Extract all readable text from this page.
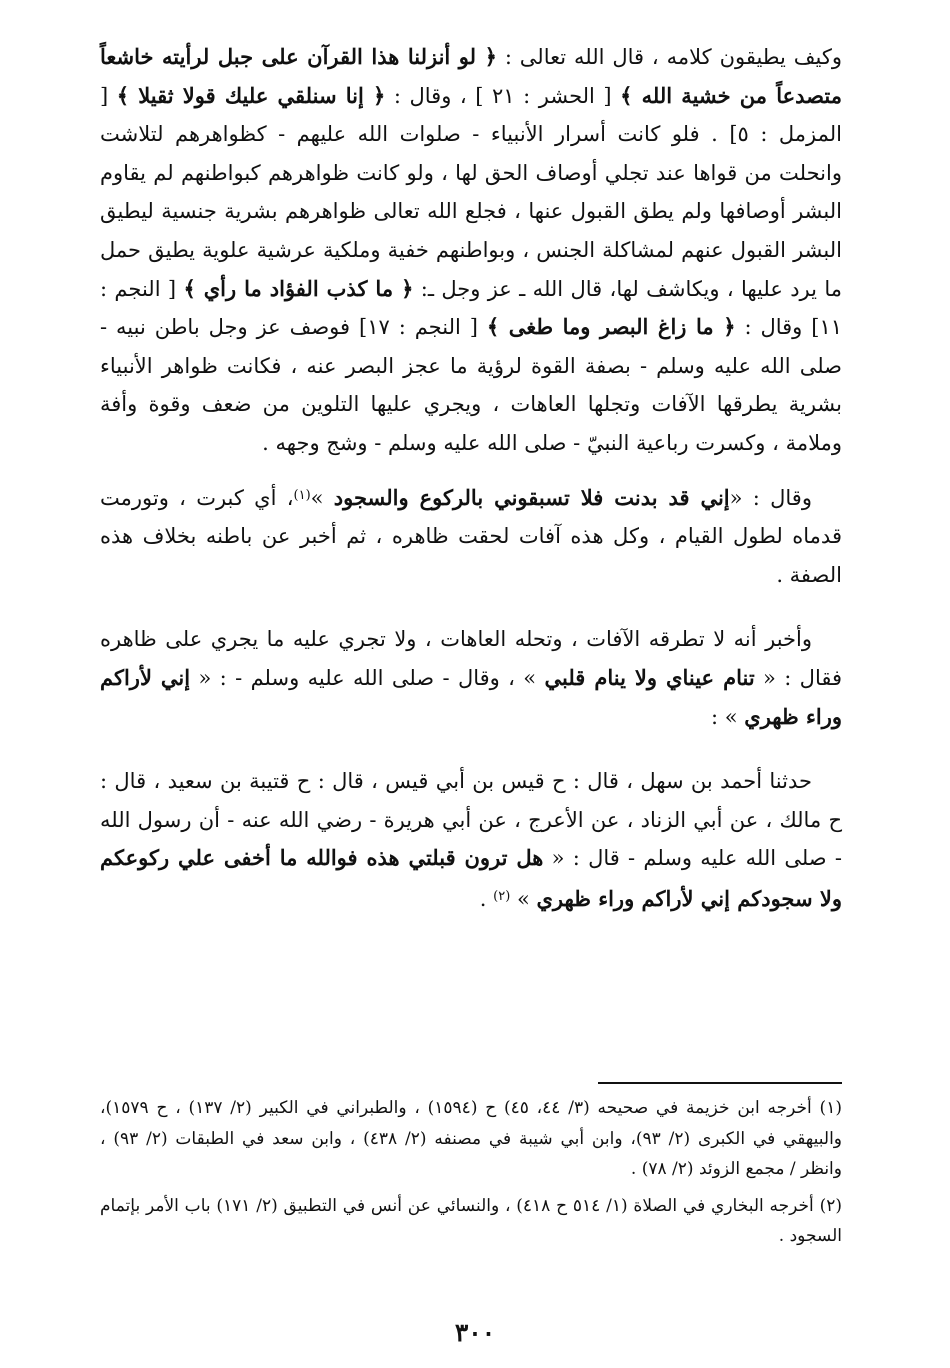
وكيف يطيقون كلامه ، قال الله تعالى : ﴿ لو أنزلنا هذا القرآن على جبل لرأيته خاشعاً متصدعاً من خشية الله ﴾ [ الحشر : ٢١ ] ، وقال : ﴿ إنا سنلقي عليك قولا ثقيلا ﴾ [ المزمل : ٥] . فلو كانت أسرار الأنبياء - صلوات الله عليهم - كظواهرهم لتلاشت وانحلت من قواها عند تجلي أوصاف الحق لها ، ولو كانت ظواهرهم كبواطنهم لم يقاوم البشر أوصافها ولم يطق القبول عنها ، فجلع الله تعالى ظواهرهم بشرية جنسية ليطيق البشر القبول عنهم لمشاكلة الجنس ، وبواطنهم خفية وملكية عرشية علوية يطيق حمل ما يرد عليها ، ويكاشف لها، قال الله ـ عز وجل ـ: ﴿ ما كذب الفؤاد ما رأي ﴾ [ النجم : ١١] وقال : ﴿ ما زاغ البصر وما طغى ﴾ [ النجم : ١٧] فوصف عز وجل باطن نبيه - صلى الله عليه وسلم - بصفة القوة لرؤية ما عجز البصر عنه ، فكانت ظواهر الأنبياء بشرية يطرقها الآفات وتجلها العاهات ، ويجري عليها التلوين من ضعف وقوة وأفة وملامة ، وكسرت رباعية النبيّ - صلى الله عليه وسلم - وشج وجهه .

وقال : «إني قد بدنت فلا تسبقوني بالركوع والسجود »$^{(١)}$، أي كبرت ، وتورمت قدماه لطول القيام ، وكل هذه آفات لحقت ظاهره ، ثم أخبر عن باطنه بخلاف هذه الصفة .

وأخبر أنه لا تطرقه الآفات ، وتحله العاهات ، ولا تجري عليه ما يجري على ظاهره فقال : « تنام عيناي ولا ينام قلبي » ، وقال - صلى الله عليه وسلم - : « إني لأراكم وراء ظهري » :

حدثنا أحمد بن سهل ، قال : ح قيس بن أبي قيس ، قال : ح قتيبة بن سعيد ، قال : ح مالك ، عن أبي الزناد ، عن الأعرج ، عن أبي هريرة - رضي الله عنه - أن رسول الله - صلى الله عليه وسلم - قال : « هل ترون قبلتي هذه فوالله ما أخفى علي ركوعكم ولا سجودكم إني لأراكم وراء ظهري » $^{(٢)}$ .

(١) أخرجه ابن خزيمة في صحيحه (٣/ ٤٤، ٤٥) ح (١٥٩٤) ، والطبراني في الكبير (٢/ ١٣٧) ، ح ١٥٧٩)، والبيهقي في الكبرى (٢/ ٩٣)، وابن أبي شيبة في مصنفه (٢/ ٤٣٨) ، وابن سعد في الطبقات (٢/ ٩٣) ، وانظر / مجمع الزوئد (٢/ ٧٨) .

(٢) أخرجه البخاري في الصلاة (١/ ٥١٤ ح ٤١٨) ، والنسائي عن أنس في التطبيق (٢/ ١٧١) باب الأمر بإتمام السجود .

٣٠٠
